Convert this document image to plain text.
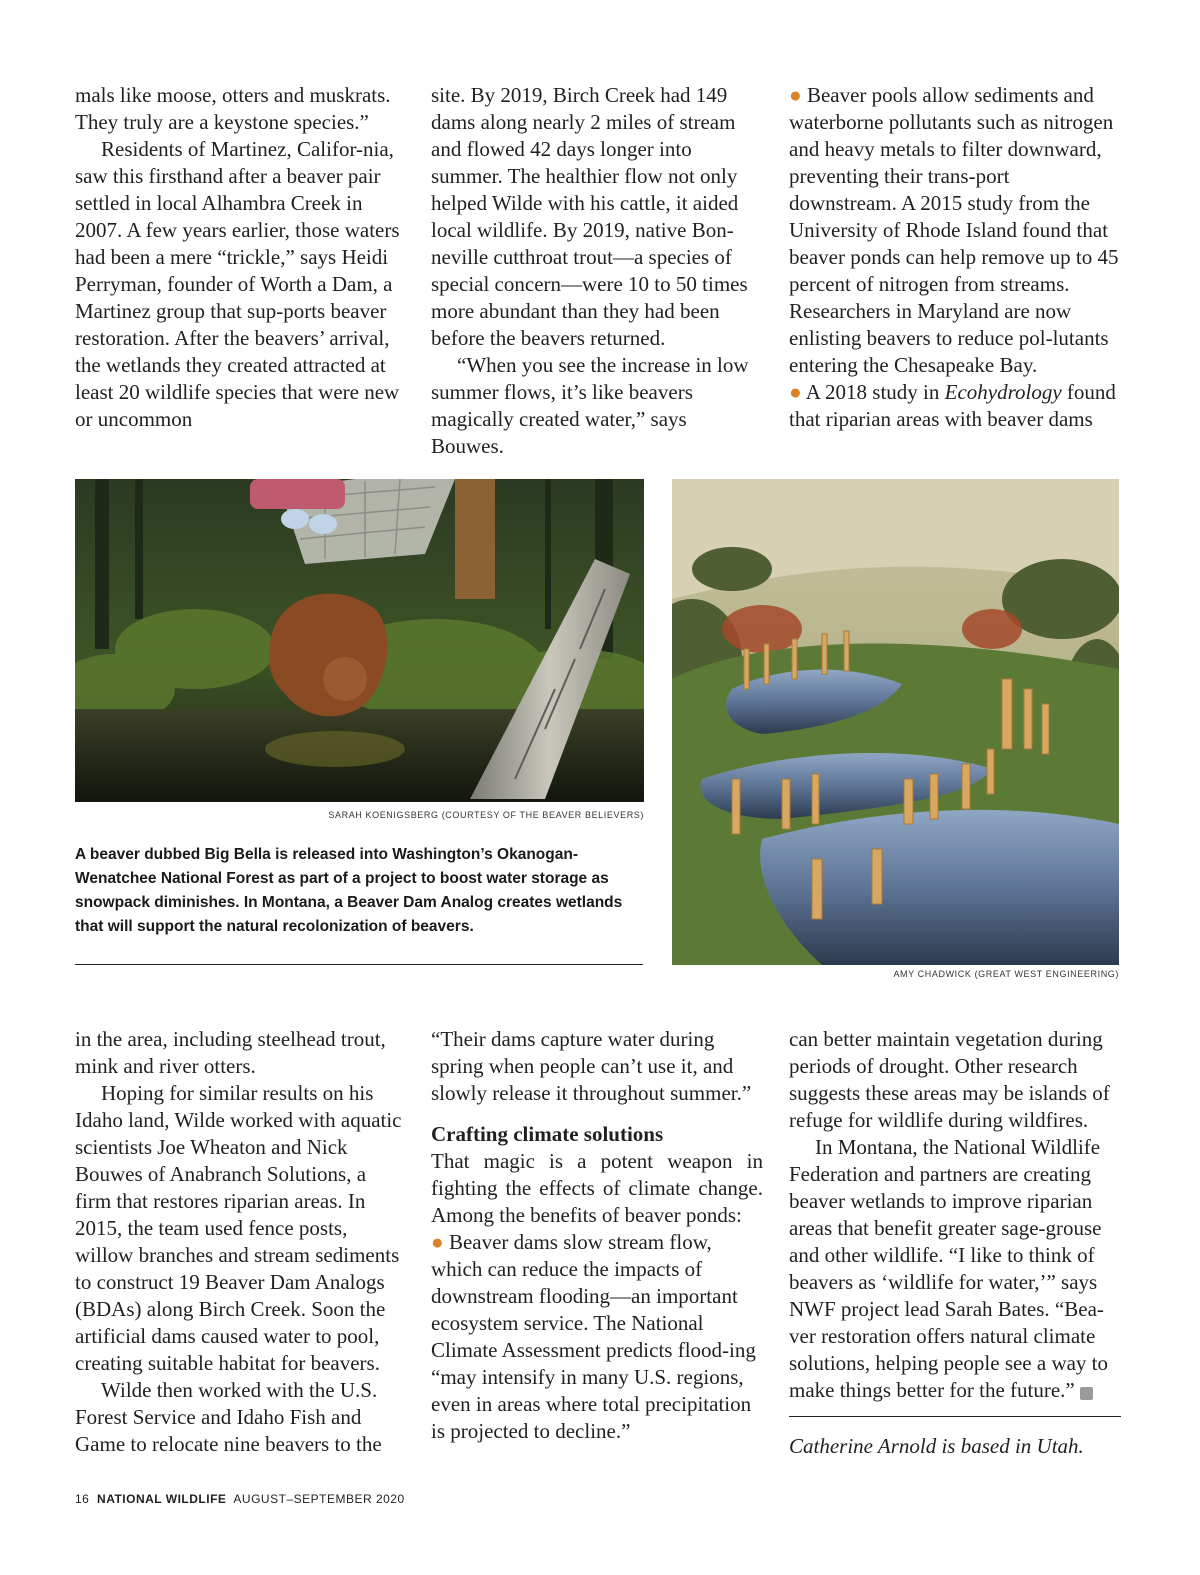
mals like moose, otters and muskrats. They truly are a keystone species.”

Residents of Martinez, Califor-nia, saw this firsthand after a beaver pair settled in local Alhambra Creek in 2007. A few years earlier, those waters had been a mere “trickle,” says Heidi Perryman, founder of Worth a Dam, a Martinez group that sup-ports beaver restoration. After the beavers’ arrival, the wetlands they created attracted at least 20 wildlife species that were new or uncommon

site. By 2019, Birch Creek had 149 dams along nearly 2 miles of stream and flowed 42 days longer into summer. The healthier flow not only helped Wilde with his cattle, it aided local wildlife. By 2019, native Bon-neville cutthroat trout—a species of special concern—were 10 to 50 times more abundant than they had been before the beavers returned.

“When you see the increase in low summer flows, it’s like beavers magically created water,” says Bouwes.

● Beaver pools allow sediments and waterborne pollutants such as nitrogen and heavy metals to filter downward, preventing their trans-port downstream. A 2015 study from the University of Rhode Island found that beaver ponds can help remove up to 45 percent of nitrogen from streams. Researchers in Maryland are now enlisting beavers to reduce pol-lutants entering the Chesapeake Bay.

● A 2018 study in Ecohydrology found that riparian areas with beaver dams

SARAH KOENIGSBERG (COURTESY OF THE BEAVER BELIEVERS)
AMY CHADWICK (GREAT WEST ENGINEERING)
A beaver dubbed Big Bella is released into Washington’s Okanogan-Wenatchee National Forest as part of a project to boost water storage as snowpack diminishes. In Montana, a Beaver Dam Analog creates wetlands that will support the natural recolonization of beavers.

in the area, including steelhead trout, mink and river otters.

Hoping for similar results on his Idaho land, Wilde worked with aquatic scientists Joe Wheaton and Nick Bouwes of Anabranch Solutions, a firm that restores riparian areas. In 2015, the team used fence posts, willow branches and stream sediments to construct 19 Beaver Dam Analogs (BDAs) along Birch Creek. Soon the artificial dams caused water to pool, creating suitable habitat for beavers.

Wilde then worked with the U.S. Forest Service and Idaho Fish and Game to relocate nine beavers to the

“Their dams capture water during spring when people can’t use it, and slowly release it throughout summer.”

Crafting climate solutions

That magic is a potent weapon in fighting the effects of climate change. Among the benefits of beaver ponds:

● Beaver dams slow stream flow, which can reduce the impacts of downstream flooding—an important ecosystem service. The National Climate Assessment predicts flood-ing “may intensify in many U.S. regions, even in areas where total precipitation is projected to decline.”

can better maintain vegetation during periods of drought. Other research suggests these areas may be islands of refuge for wildlife during wildfires.

In Montana, the National Wildlife Federation and partners are creating beaver wetlands to improve riparian areas that benefit greater sage-grouse and other wildlife. “I like to think of beavers as ‘wildlife for water,’” says NWF project lead Sarah Bates. “Bea-ver restoration offers natural climate solutions, helping people see a way to make things better for the future.”	W

Catherine Arnold is based in Utah.

16 NATIONAL WILDLIFE AUGUST–SEPTEMBER 2020
